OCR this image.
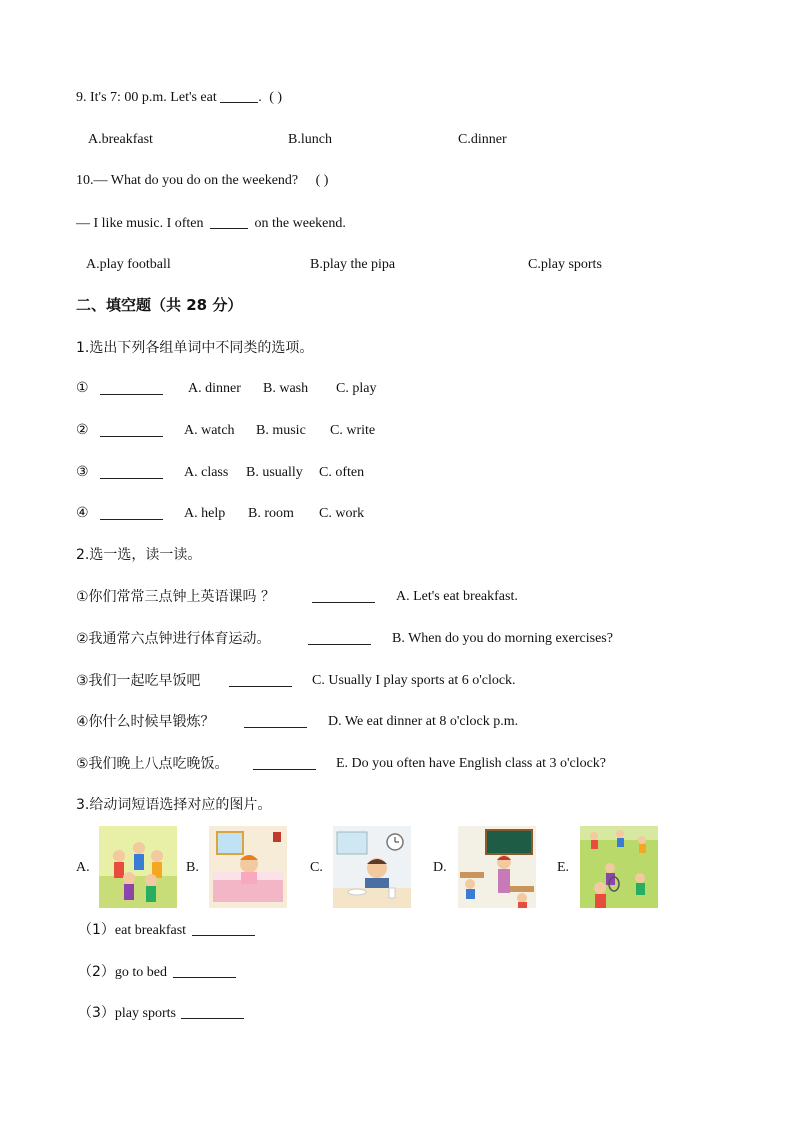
9. It's 7: 00 p.m. Let's eat	. ( )
A.breakfast	B.lunch	C.dinner
10.— What do you do on the weekend? ( )
— I like music. I often	on the weekend.
A.play football	B.play the pipa	C.play sports
二、填空题（共 28 分）
1.选出下列各组单词中不同类的选项。
①	A. dinner B. wash C. play
②	A. watch B. music C. write
③	A. class B. usually C. often
④	A. help B. room C. work
2.选一选，读一读。
①你们常常三点钟上英语课吗 ？	A. Let's eat breakfast.
②我通常六点钟进行体育运动。	B. When do you do morning exercises?
③我们一起吃早饭吧	C. Usually I play sports at 6 o'clock.
④你什么时候早锻炼？	D. We eat dinner at 8 o'clock p.m.
⑤我们晚上八点吃晚饭。	E. Do you often have English class at 3 o'clock?
3.给动词短语选择对应的图片。
A.	B.	C.	D.	E.
（1）eat breakfast
（2）go to bed
（3）play sports
